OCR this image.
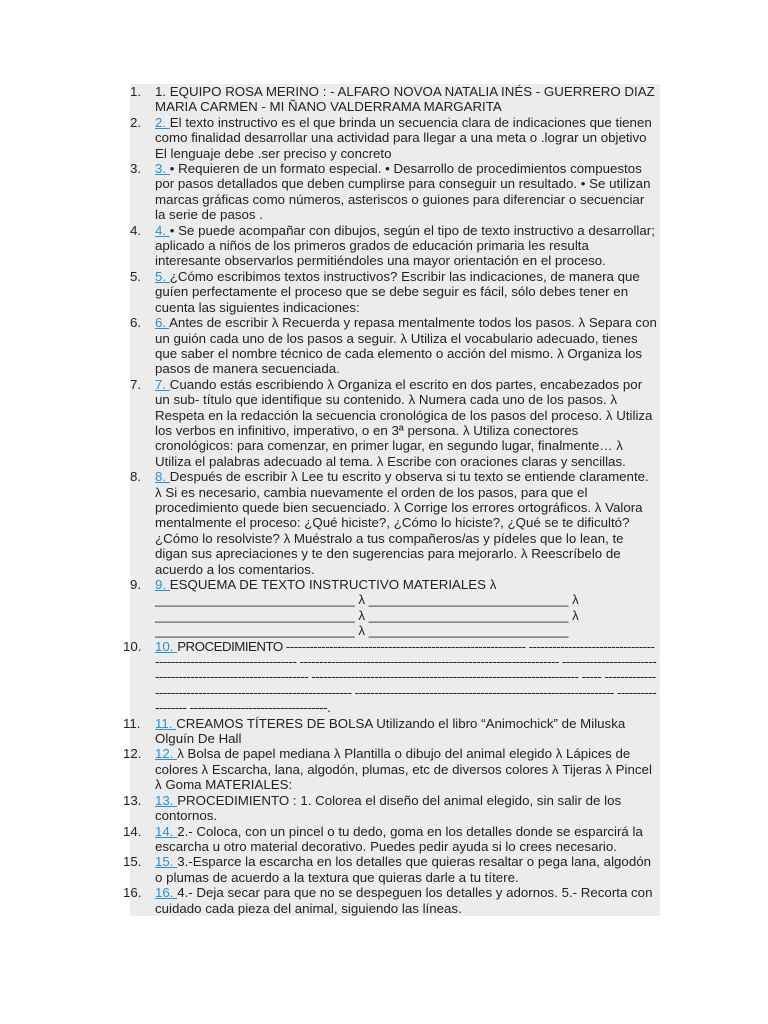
1.	1. EQUIPO ROSA MERINO : - ALFARO NOVOA NATALIA INÉS - GUERRERO DIAZ MARIA CARMEN - MI ÑANO VALDERRAMA MARGARITA
2.	2. El texto instructivo es el que brinda un secuencia clara de indicaciones que tienen como finalidad desarrollar una actividad para llegar a una meta o .lograr un objetivo El lenguaje debe .ser preciso y concreto
3.	3. • Requieren de un formato especial. • Desarrollo de procedimientos compuestos por pasos detallados que deben cumplirse para conseguir un resultado. • Se utilizan marcas gráficas como números, asteriscos o guiones para diferenciar o secuenciar la serie de pasos .
4.	4. • Se puede acompañar con dibujos, según el tipo de texto instructivo a desarrollar; aplicado a niños de los primeros grados de educación primaria les resulta interesante observarlos permitiéndoles una mayor orientación en el proceso.
5.	5. ¿Cómo escribimos textos instructivos? Escribir las indicaciones, de manera que guíen perfectamente el proceso que se debe seguir es fácil, sólo debes tener en cuenta las siguientes indicaciones:
6.	6. Antes de escribir λ Recuerda y repasa mentalmente todos los pasos. λ Separa con un guión cada uno de los pasos a seguir. λ Utiliza el vocabulario adecuado, tienes que saber el nombre técnico de cada elemento o acción del mismo. λ Organiza los pasos de manera secuenciada.
7.	7. Cuando estás escribiendo λ Organiza el escrito en dos partes, encabezados por un sub- título que identifique su contenido. λ Numera cada uno de los pasos. λ Respeta en la redacción la secuencia cronológica de los pasos del proceso. λ Utiliza los verbos en infinitivo, imperativo, o en 3ª persona. λ Utiliza conectores cronológicos: para comenzar, en primer lugar, en segundo lugar, finalmente… λ Utiliza el palabras adecuado al tema. λ Escribe con oraciones claras y sencillas.
8.	8. Después de escribir λ Lee tu escrito y observa si tu texto se entiende claramente. λ Si es necesario, cambia nuevamente el orden de los pasos, para que el procedimiento quede bien secuenciado. λ Corrige los errores ortográficos. λ Valora mentalmente el proceso: ¿Qué hiciste?, ¿Cómo lo hiciste?, ¿Qué se te dificultó? ¿Cómo lo resolviste? λ Muéstralo a tus compañeros/as y pídeles que lo lean, te digan sus apreciaciones y te den sugerencias para mejorarlo. λ Reescríbelo de acuerdo a los comentarios.
9.	9. ESQUEMA DE TEXTO INSTRUCTIVO MATERIALES λ ___________________________ λ ___________________________ λ ___________________________ λ ___________________________ λ ___________________________ λ ___________________________
10. 10. PROCEDIMIENTO ------------------------------------------------------------- -------------------------------------------------------------------- ------------------------------------------------------------------ --------------------------------------------------------------- -------------------------------------------------------------------- ----- --------------------------------------------------------------- ------------------------------------------------------------------ ------------------ -----------------------------------.
11.	11. CREAMOS TÍTERES DE BOLSA Utilizando el libro “Animochick” de Miluska Olguín De Hall
12. 12. λ Bolsa de papel mediana λ Plantilla o dibujo del animal elegido λ Lápices de colores λ Escarcha, lana, algodón, plumas, etc de diversos colores λ Tijeras λ Pincel λ Goma MATERIALES:
13. 13. PROCEDIMIENTO : 1. Colorea el diseño del animal elegido, sin salir de los contornos.
14. 14. 2.- Coloca, con un pincel o tu dedo, goma en los detalles donde se esparcirá la escarcha u otro material decorativo. Puedes pedir ayuda si lo crees necesario.
15. 15. 3.-Esparce la escarcha en los detalles que quieras resaltar o pega lana, algodón o plumas de acuerdo a la textura que quieras darle a tu títere.
16. 16. 4.- Deja secar para que no se despeguen los detalles y adornos. 5.- Recorta con cuidado cada pieza del animal, siguiendo las líneas.
